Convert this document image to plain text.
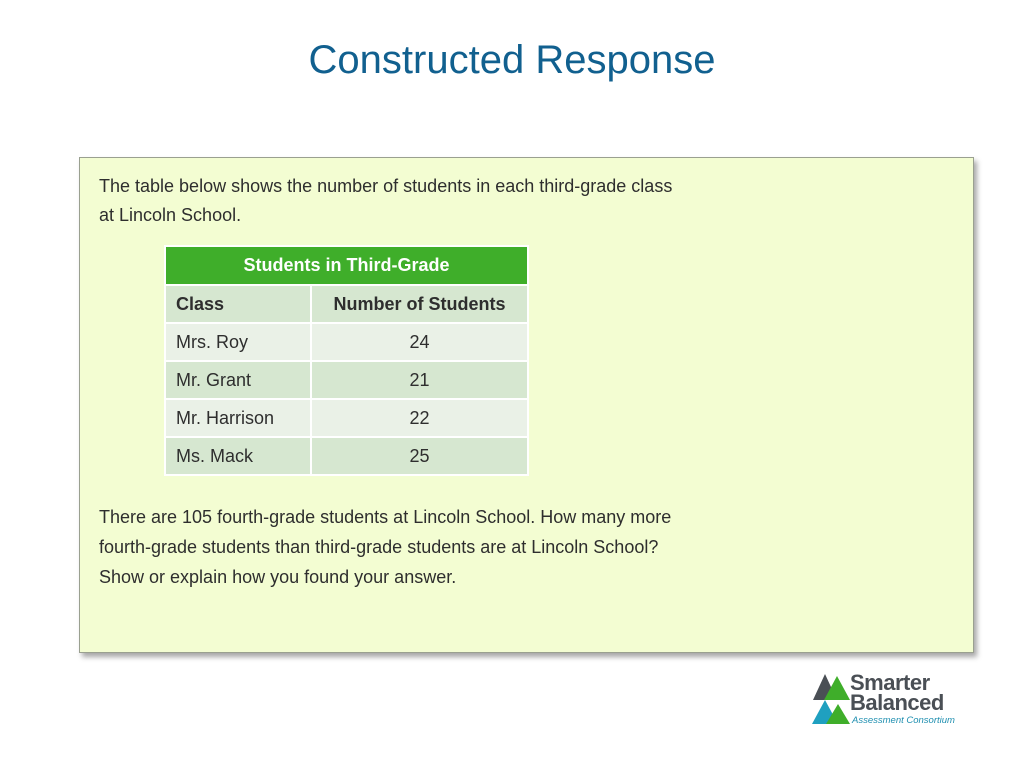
Constructed Response

The table below shows the number of students in each third-grade class
at Lincoln School.

Students in Third-Grade	
Class	Number of Students
Mrs. Roy	24
Mr. Grant	21
Mr. Harrison	22
Ms. Mack	25

There are 105 fourth-grade students at Lincoln School. How many more
fourth-grade students than third-grade students are at Lincoln School?
Show or explain how you found your answer.

Smarter
Balanced
Assessment Consortium
